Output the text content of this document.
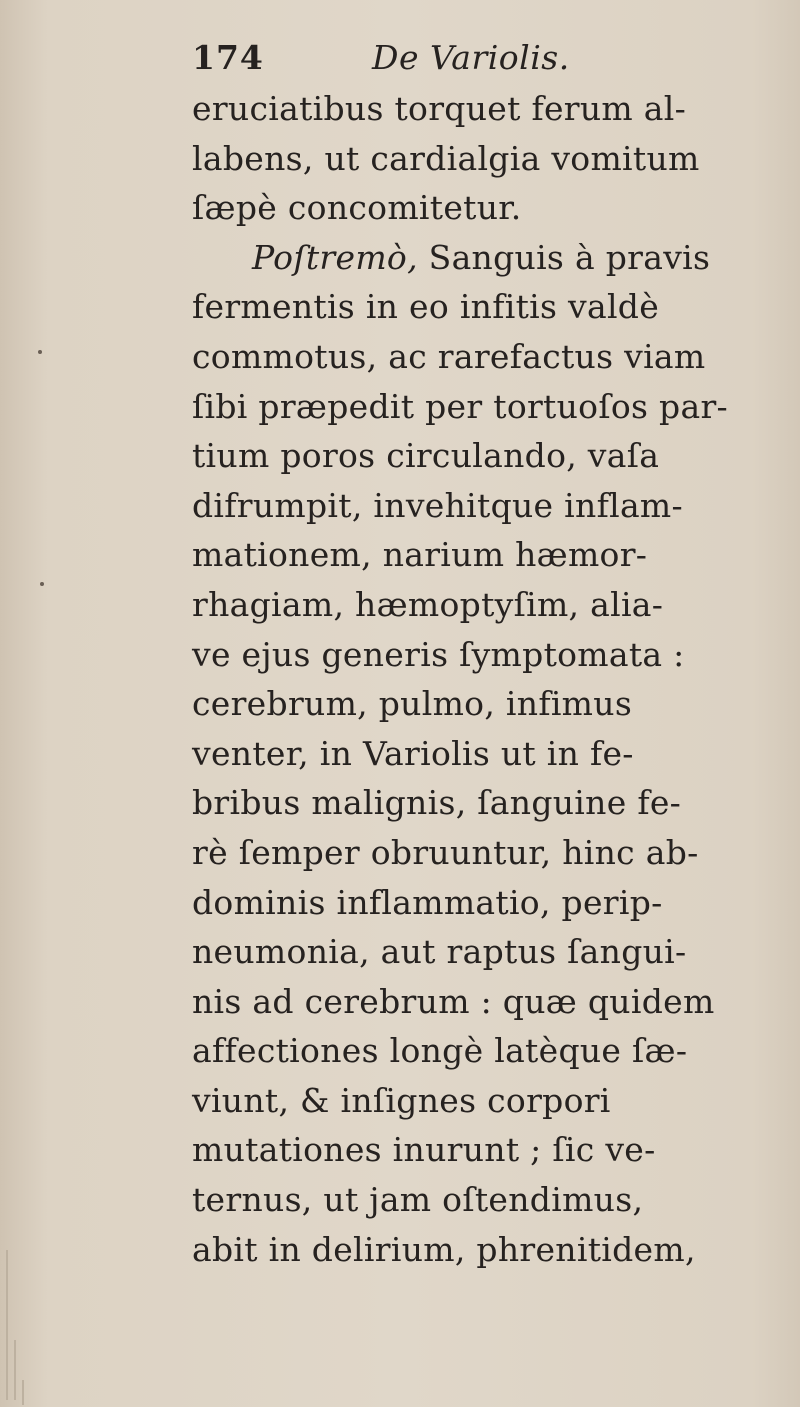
174	De Variolis.
eruciatibus torquet ferum al-
labens, ut cardialgia vomitum
ſæpè concomitetur.
Poſtremò, Sanguis à pravis
fermentis in eo infitis valdè
commotus, ac rarefactus viam
ſibi præpedit per tortuoſos par-
tium poros circulando, vaſa
difrumpit, invehitque inflam-
mationem, narium hæmor-
rhagiam, hæmoptyſim, alia-
ve ejus generis ſymptomata :
cerebrum, pulmo, infimus
venter, in Variolis ut in fe-
bribus malignis, ſanguine fe-
rè ſemper obruuntur, hinc ab-
dominis inflammatio, perip-
neumonia, aut raptus ſangui-
nis ad cerebrum : quæ quidem
affectiones longè latèque ſæ-
viunt, & inſignes corpori
mutationes inurunt ; ſic ve-
ternus, ut jam oſtendimus,
abit in delirium, phrenitidem,
